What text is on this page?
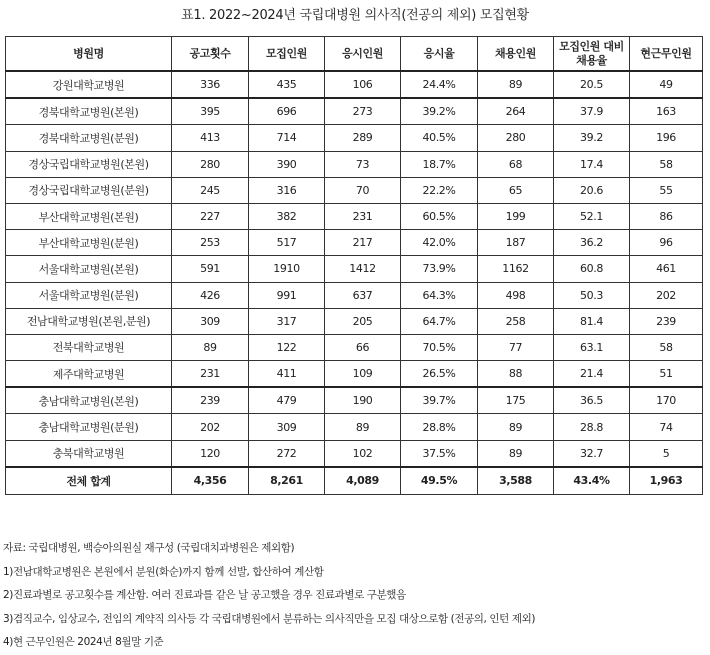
표1. 2022~2024년 국립대병원 의사직(전공의 제외) 모집현황
병원명	공고횟수	모집인원	응시인원	응시율	채용인원	모집인원 대비 채용율	현근무인원
강원대학교병원	336	435	106	24.4%	89	20.5	49
경북대학교병원(본원)	395	696	273	39.2%	264	37.9	163
경북대학교병원(분원)	413	714	289	40.5%	280	39.2	196
경상국립대학교병원(본원)	280	390	73	18.7%	68	17.4	58
경상국립대학교병원(분원)	245	316	70	22.2%	65	20.6	55
부산대학교병원(본원)	227	382	231	60.5%	199	52.1	86
부산대학교병원(분원)	253	517	217	42.0%	187	36.2	96
서울대학교병원(본원)	591	1910	1412	73.9%	1162	60.8	461
서울대학교병원(분원)	426	991	637	64.3%	498	50.3	202
전남대학교병원(본원,분원)	309	317	205	64.7%	258	81.4	239
전북대학교병원	89	122	66	70.5%	77	63.1	58
제주대학교병원	231	411	109	26.5%	88	21.4	51
충남대학교병원(본원)	239	479	190	39.7%	175	36.5	170
충남대학교병원(분원)	202	309	89	28.8%	89	28.8	74
충북대학교병원	120	272	102	37.5%	89	32.7	5
전체 합계	4,356	8,261	4,089	49.5%	3,588	43.4%	1,963
자료: 국립대병원, 백승아의원실 재구성 (국립대치과병원은 제외함)
1)전남대학교병원은 본원에서 분원(화순)까지 함께 선발, 합산하여 계산함
2)진료과별로 공고횟수를 계산함. 여러 진료과를 같은 날 공고했을 경우 진료과별로 구분했음
3)겸직교수, 임상교수, 전임의 계약직 의사등 각 국립대병원에서 분류하는 의사직만을 모집 대상으로함 (전공의, 인턴 제외)
4)현 근무인원은 2024년 8월말 기준
